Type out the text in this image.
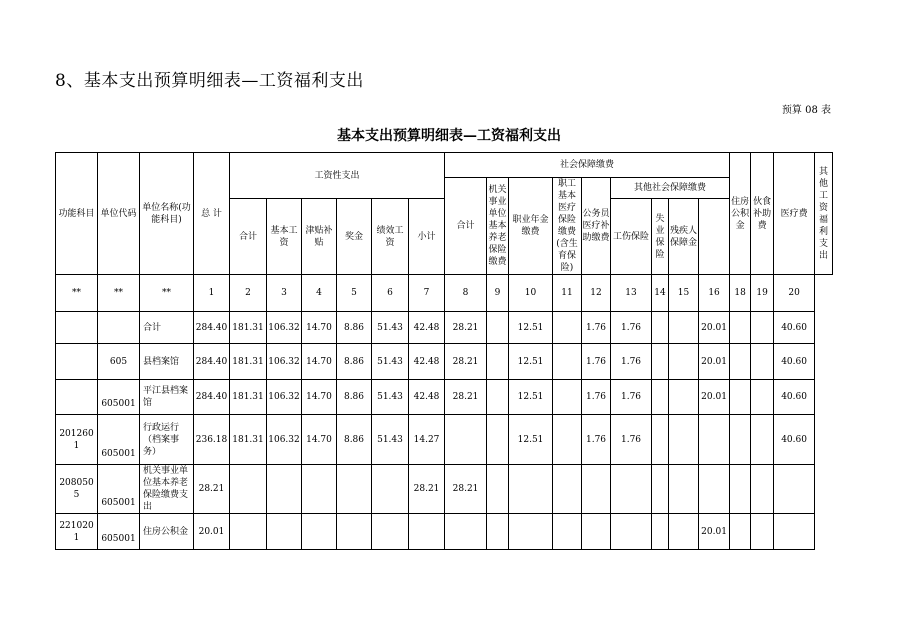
8、基本支出预算明细表—工资福利支出
预算 08 表
基本支出预算明细表—工资福利支出
功能科目	单位代码	单位名称(功能科目)	总 计	工资性支出						社会保障缴费									住房公积金	伙食补助费	医疗费	其他工资福利支出
										合计	机关事业单位基本养老保险缴费	职业年金缴费	职工基本医疗保险缴费(含生育保险)	公务员医疗补助缴费	其他社会保障缴费							
				合计	基本工资	津贴补贴	奖金	绩效工资	小计						工伤保险	失业保险	残疾人保障金					
**	**	**	1	2	3	4	5	6	7	8	9	10	11	12	13	14	15	16	18	19	20	
		合计	284.40	181.31	106.32	14.70	8.86	51.43	42.48	28.21		12.51		1.76	1.76			20.01			40.60	
	605	县档案馆	284.40	181.31	106.32	14.70	8.86	51.43	42.48	28.21		12.51		1.76	1.76			20.01			40.60	
	605001	平江县档案馆	284.40	181.31	106.32	14.70	8.86	51.43	42.48	28.21		12.51		1.76	1.76			20.01			40.60	
2012601	605001	行政运行（档案事务）	236.18	181.31	106.32	14.70	8.86	51.43	14.27			12.51		1.76	1.76						40.60	
2080505	605001	机关事业单位基本养老保险缴费支出	28.21						28.21	28.21												
2210201	605001	住房公积金	20.01															20.01				
